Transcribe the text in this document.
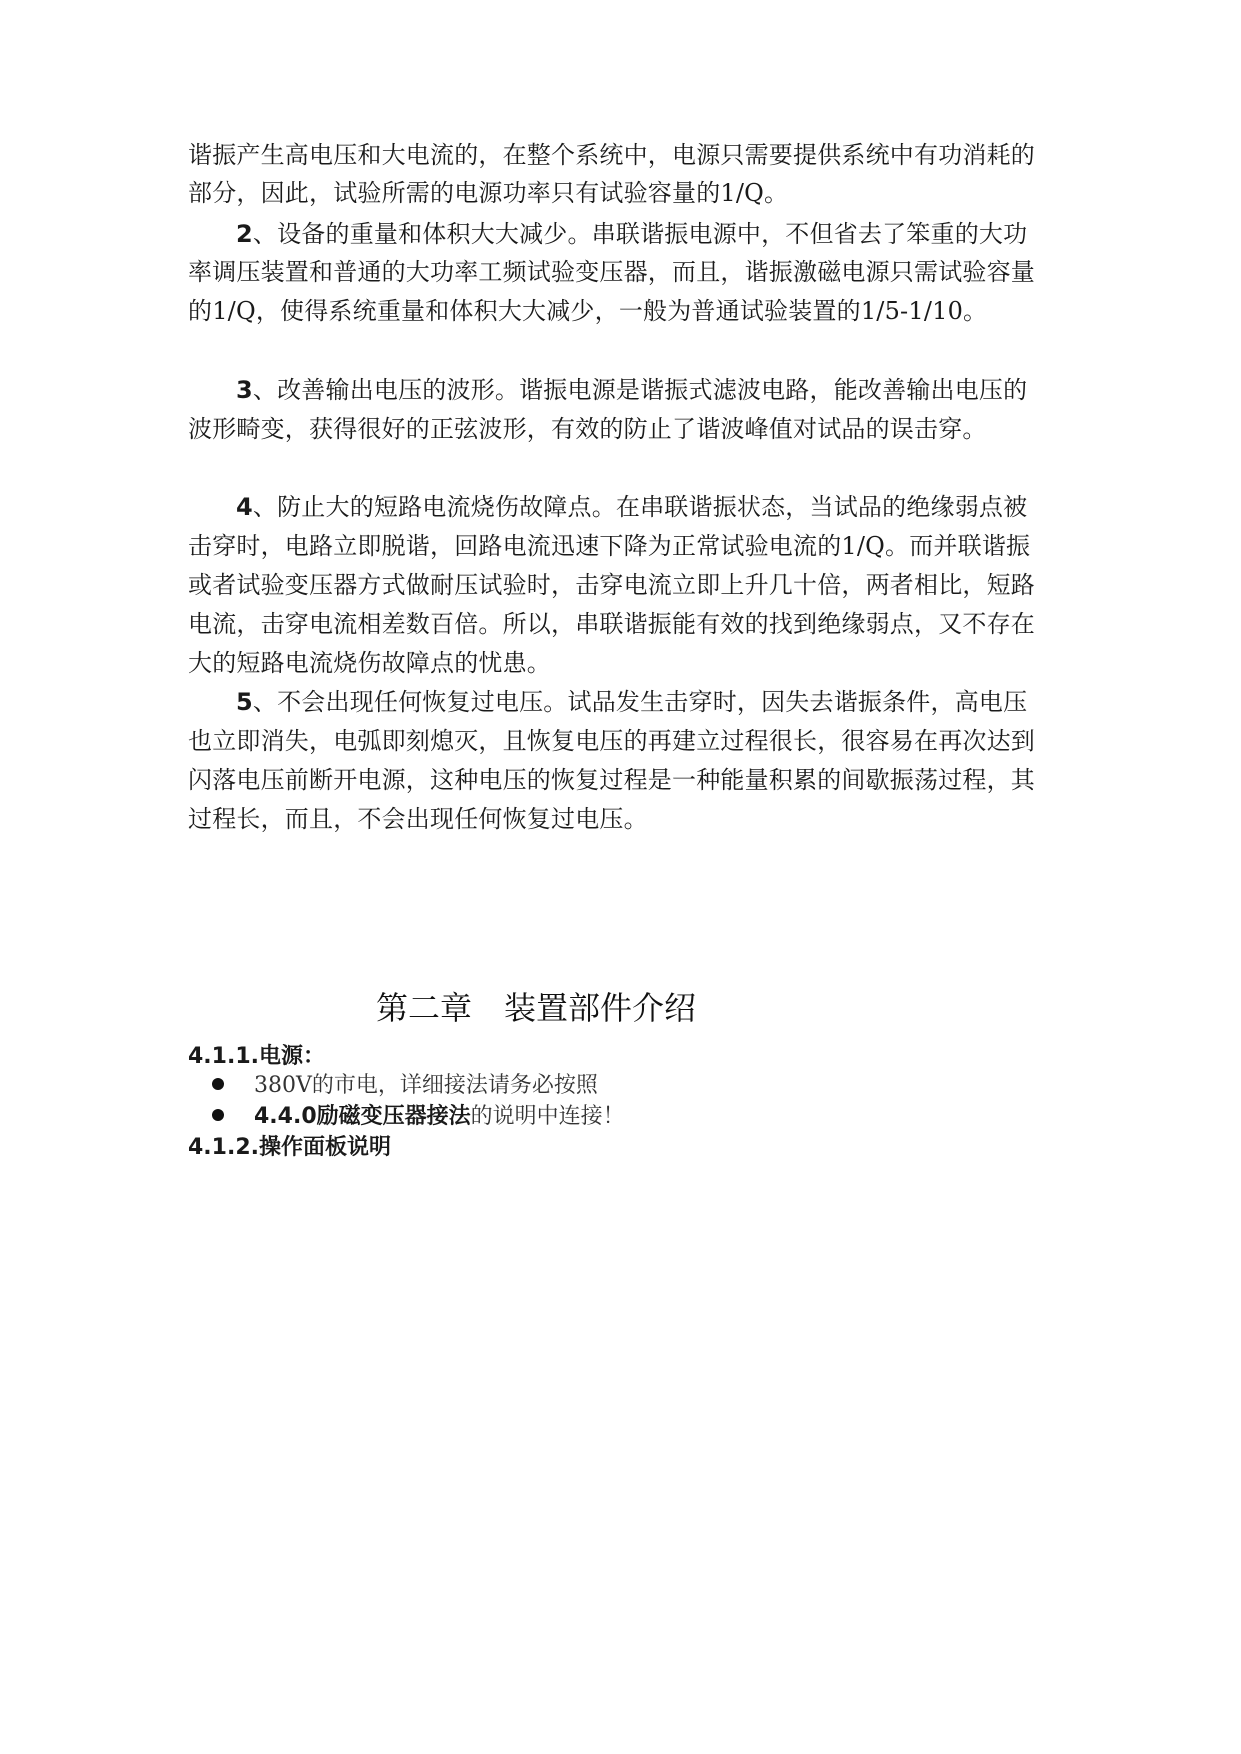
谐振产生高电压和大电流的，在整个系统中，电源只需要提供系统中有功消耗的
部分，因此，试验所需的电源功率只有试验容量的1/Q。
2、设备的重量和体积大大减少。串联谐振电源中，不但省去了笨重的大功
率调压装置和普通的大功率工频试验变压器，而且，谐振激磁电源只需试验容量
的1/Q，使得系统重量和体积大大减少，一般为普通试验装置的1/5-1/10。
3、改善输出电压的波形。谐振电源是谐振式滤波电路，能改善输出电压的
波形畸变，获得很好的正弦波形，有效的防止了谐波峰值对试品的误击穿。
4、防止大的短路电流烧伤故障点。在串联谐振状态，当试品的绝缘弱点被
击穿时，电路立即脱谐，回路电流迅速下降为正常试验电流的1/Q。而并联谐振
或者试验变压器方式做耐压试验时，击穿电流立即上升几十倍，两者相比，短路
电流，击穿电流相差数百倍。所以，串联谐振能有效的找到绝缘弱点，又不存在
大的短路电流烧伤故障点的忧患。
5、不会出现任何恢复过电压。试品发生击穿时，因失去谐振条件，高电压
也立即消失，电弧即刻熄灭，且恢复电压的再建立过程很长，很容易在再次达到
闪落电压前断开电源，这种电压的恢复过程是一种能量积累的间歇振荡过程，其
过程长，而且，不会出现任何恢复过电压。
第二章　装置部件介绍
4.1.1.电源：
380V的市电，详细接法请务必按照
4.4.0励磁变压器接法的说明中连接！
4.1.2.操作面板说明
